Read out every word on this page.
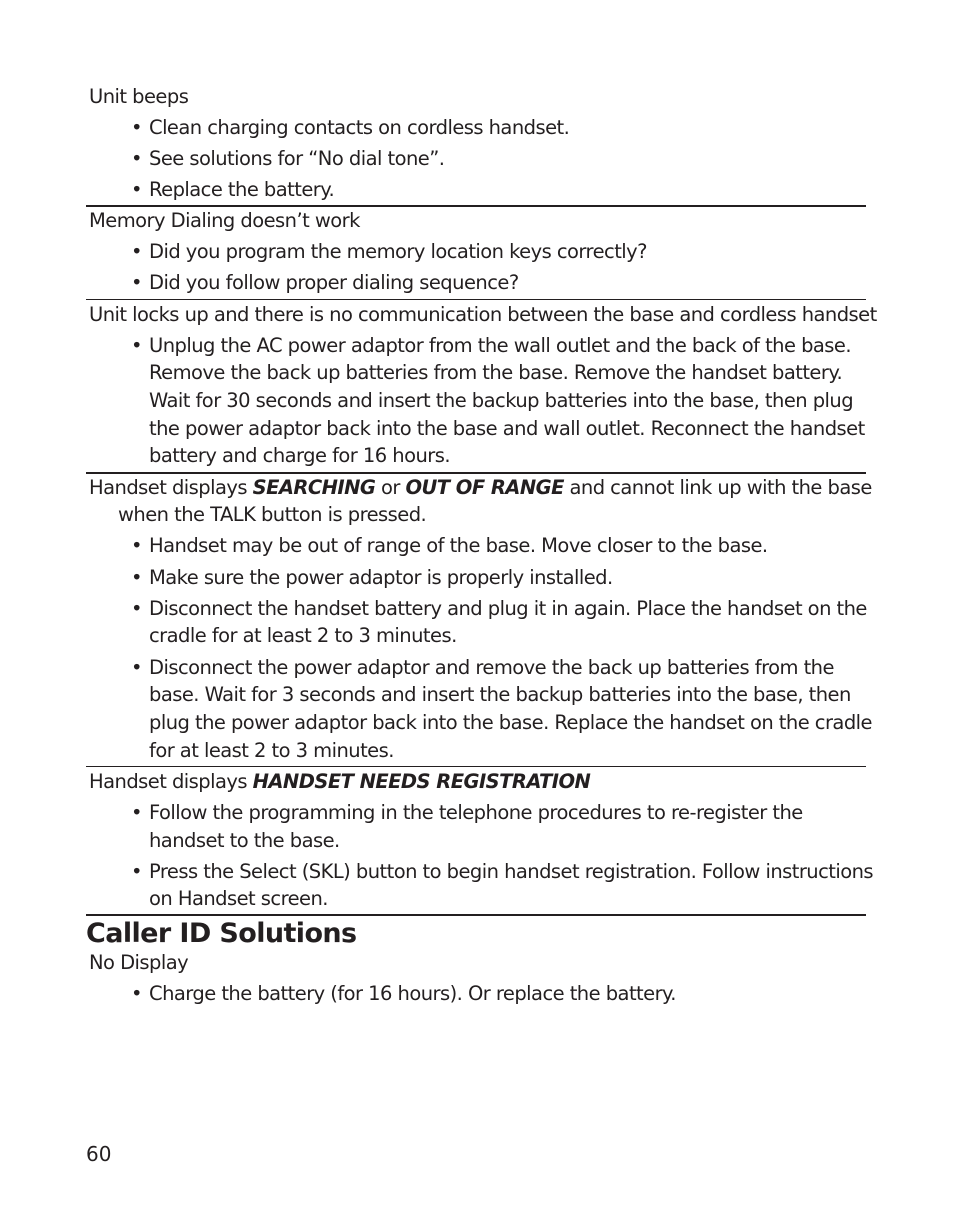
Unit beeps
• Clean charging contacts on cordless handset.
• See solutions for “No dial tone”.
• Replace the battery.
Memory Dialing doesn’t work
• Did you program the memory location keys correctly?
• Did you follow proper dialing sequence?
Unit locks up and there is no communication between the base and cordless handset
• Unplug the AC power adaptor from the wall outlet and the back of the base.
Remove the back up batteries from the base. Remove the handset battery.
Wait for 30 seconds and insert the backup batteries into the base, then plug
the power adaptor back into the base and wall outlet. Reconnect the handset
battery and charge for 16 hours.
Handset displays SEARCHING or OUT OF RANGE and cannot link up with the base
when the TALK button is pressed.
• Handset may be out of range of the base. Move closer to the base.
• Make sure the power adaptor is properly installed.
• Disconnect the handset battery and plug it in again. Place the handset on the
cradle for at least 2 to 3 minutes.
• Disconnect the power adaptor and remove the back up batteries from the
base. Wait for 3 seconds and insert the backup batteries into the base, then
plug the power adaptor back into the base. Replace the handset on the cradle
for at least 2 to 3 minutes.
Handset displays HANDSET NEEDS REGISTRATION
• Follow the programming in the telephone procedures to re-register the
handset to the base.
• Press the Select (SKL) button to begin handset registration. Follow instructions
on Handset screen.
Caller ID Solutions
No Display
• Charge the battery (for 16 hours). Or replace the battery.
60
